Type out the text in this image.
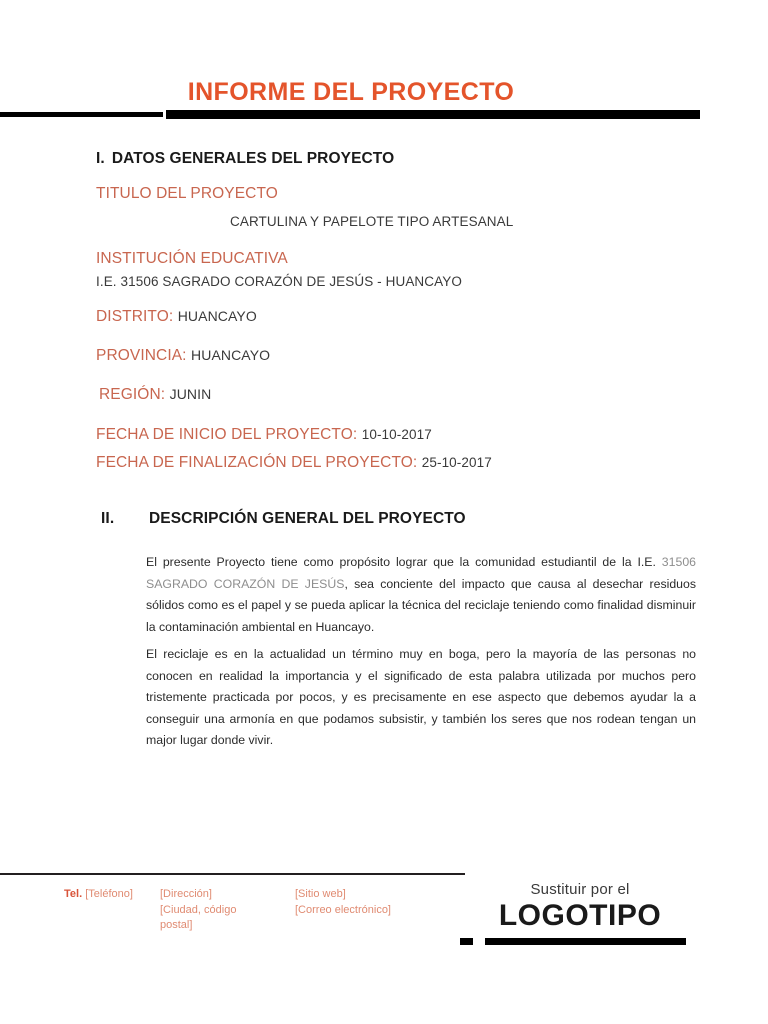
INFORME DEL PROYECTO
I. DATOS GENERALES DEL PROYECTO
TITULO DEL PROYECTO
CARTULINA Y PAPELOTE TIPO ARTESANAL
INSTITUCIÓN EDUCATIVA
I.E. 31506 SAGRADO CORAZÓN DE JESÚS - HUANCAYO
DISTRITO: HUANCAYO
PROVINCIA: HUANCAYO
REGIÓN: JUNIN
FECHA DE INICIO DEL PROYECTO: 10-10-2017
FECHA DE FINALIZACIÓN DEL PROYECTO: 25-10-2017
II. DESCRIPCIÓN GENERAL DEL PROYECTO

El presente Proyecto tiene como propósito lograr que la comunidad estudiantil de la I.E. 31506 SAGRADO CORAZÓN DE JESÚS, sea conciente del impacto que causa al desechar residuos sólidos como es el papel y se pueda aplicar la técnica del reciclaje teniendo como finalidad disminuir la contaminación ambiental en Huancayo.

El reciclaje es en la actualidad un término muy en boga, pero la mayoría de las personas no conocen en realidad la importancia y el significado de esta palabra utilizada por muchos pero tristemente practicada por pocos, y es precisamente en ese aspecto que debemos ayudar la a conseguir una armonía en que podamos subsistir, y también los seres que nos rodean tengan un major lugar donde vivir.

Tel. [Teléfono] [Dirección]
[Ciudad, código postal]
[Sitio web]
[Correo electrónico]
Sustituir por el
LOGOTIPO
